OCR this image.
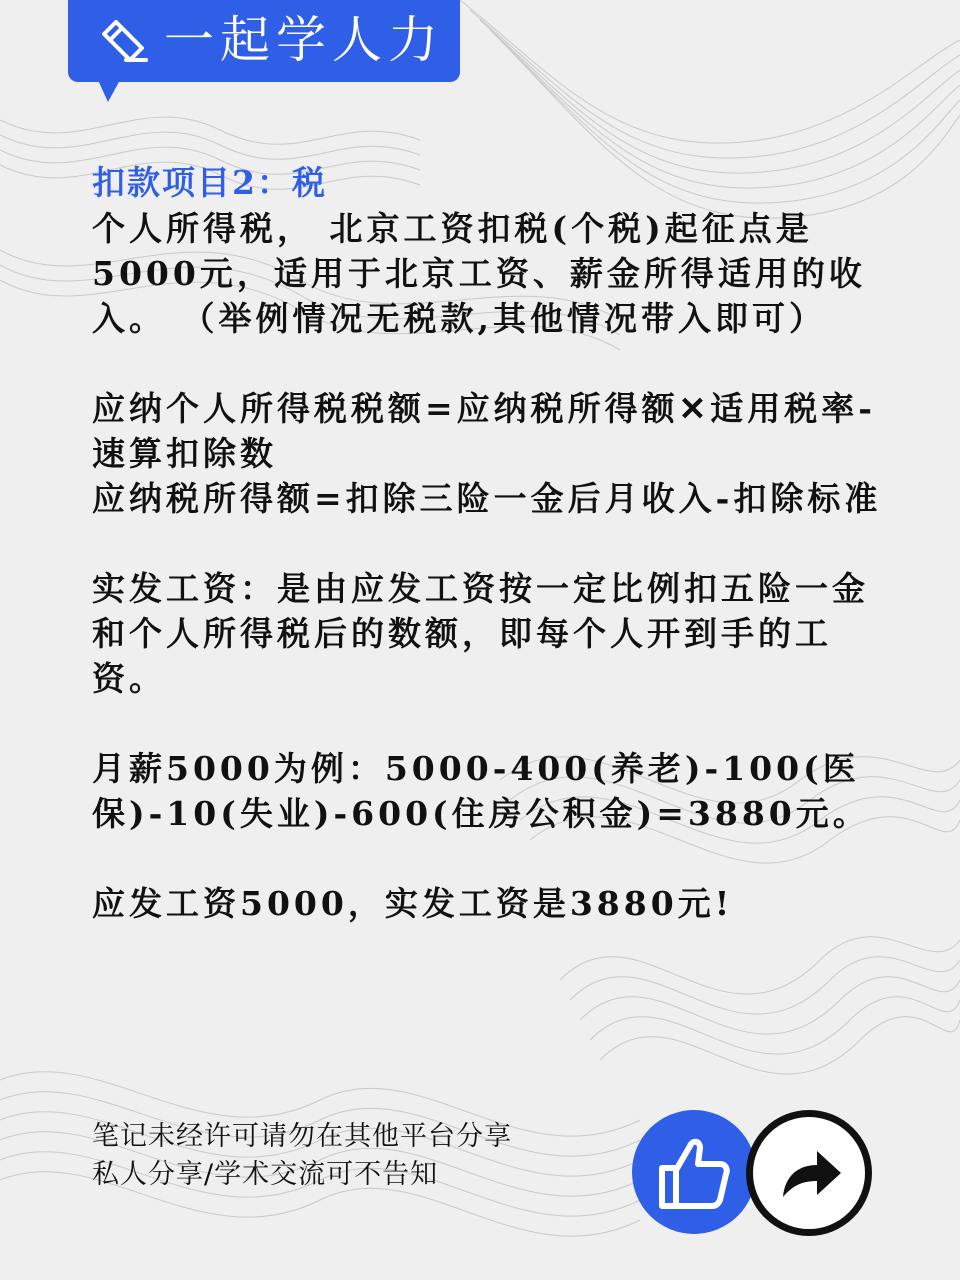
一起学人力

扣款项目2：税

个人所得税， 北京工资扣税(个税)起征点是5000元，适用于北京工资、薪金所得适用的收入。 （举例情况无税款,其他情况带入即可）

应纳个人所得税税额=应纳税所得额✕适用税率-速算扣除数

应纳税所得额=扣除三险一金后月收入-扣除标准

实发工资：是由应发工资按一定比例扣五险一金和个人所得税后的数额，即每个人开到手的工资。

月薪5000为例：5000-400(养老)-100(医保)-10(失业)-600(住房公积金)=3880元。

应发工资5000，实发工资是3880元!

笔记未经许可请勿在其他平台分享
私人分享/学术交流可不告知
